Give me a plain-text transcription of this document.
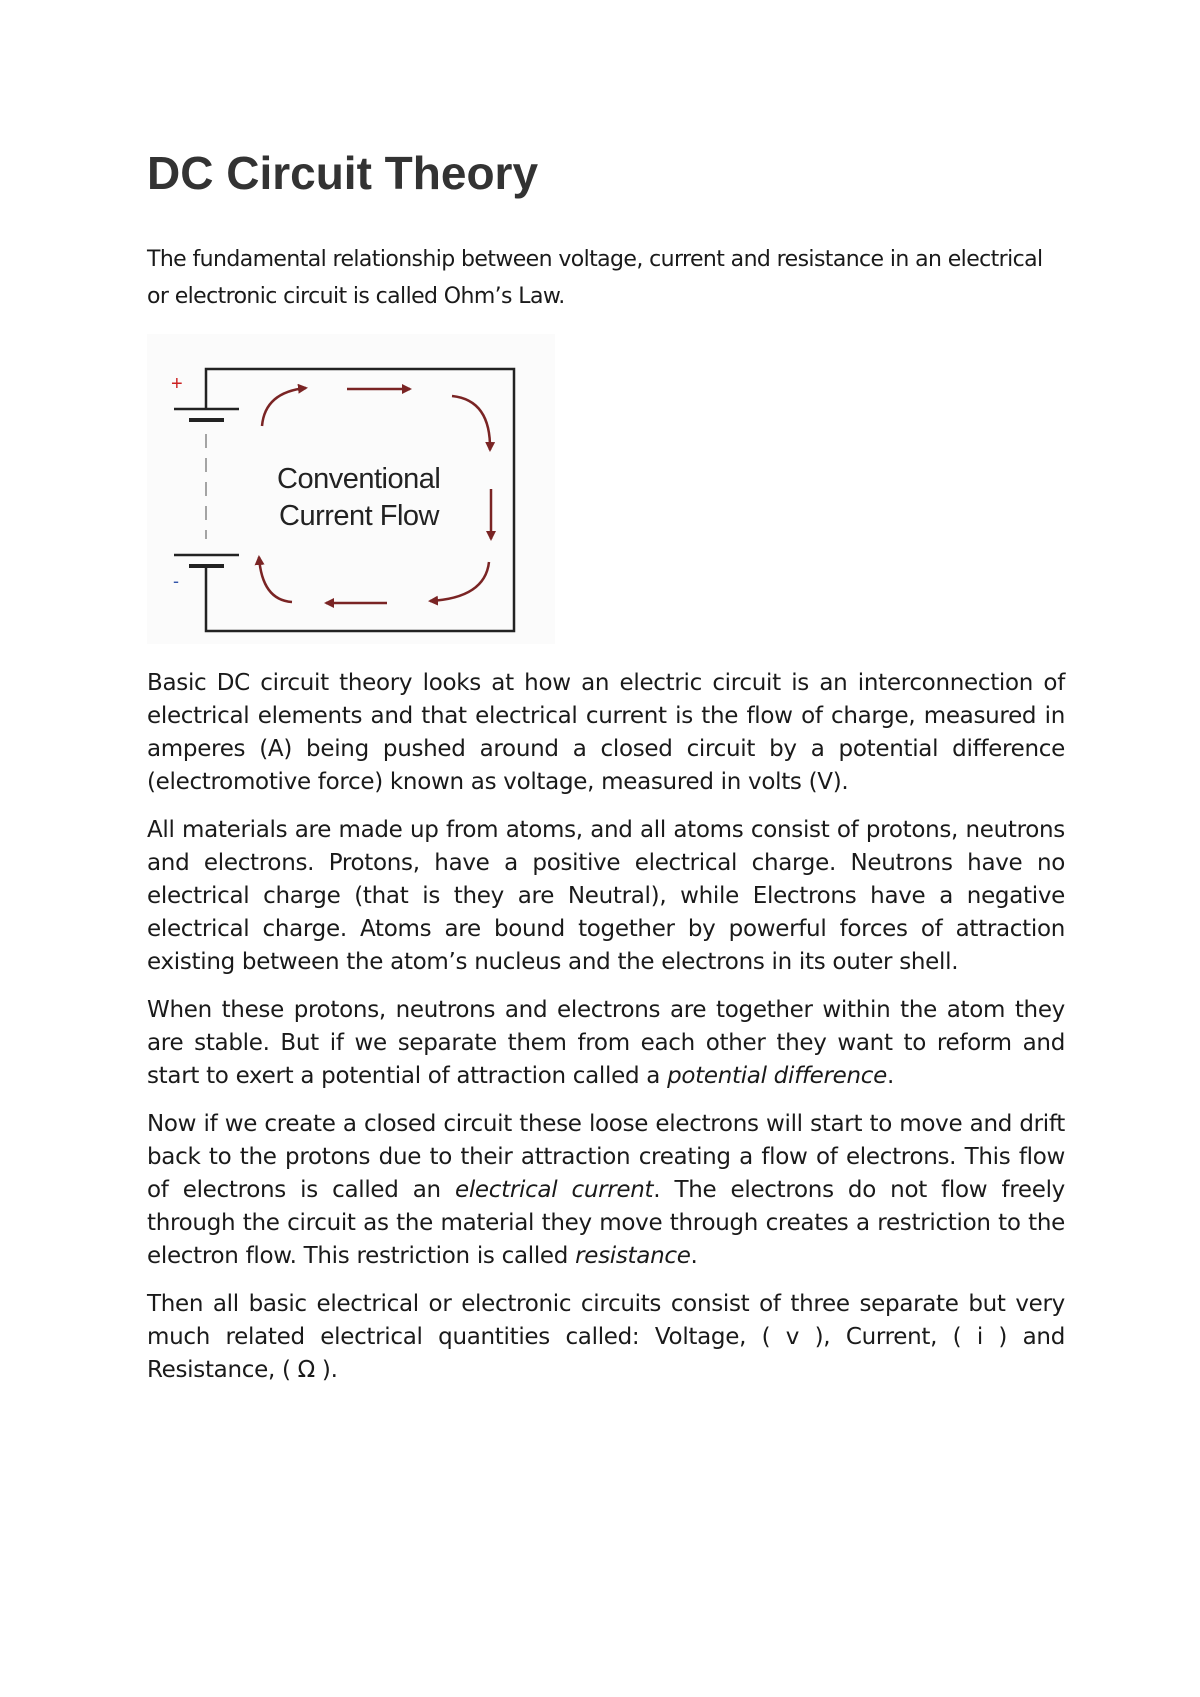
DC Circuit Theory

The fundamental relationship between voltage, current and resistance in an electrical or electronic circuit is called Ohm’s Law.

+
-
Conventional
Current Flow

Basic DC circuit theory looks at how an electric circuit is an interconnection of electrical elements and that electrical current is the flow of charge, measured in amperes (A) being pushed around a closed circuit by a potential difference (electromotive force) known as voltage, measured in volts (V).

All materials are made up from atoms, and all atoms consist of protons, neutrons and electrons. Protons, have a positive electrical charge. Neutrons have no electrical charge (that is they are Neutral), while Electrons have a negative electrical charge. Atoms are bound together by powerful forces of attraction existing between the atom’s nucleus and the electrons in its outer shell.

When these protons, neutrons and electrons are together within the atom they are stable. But if we separate them from each other they want to reform and start to exert a potential of attraction called a potential difference.

Now if we create a closed circuit these loose electrons will start to move and drift back to the protons due to their attraction creating a flow of electrons. This flow of electrons is called an electrical current. The electrons do not flow freely through the circuit as the material they move through creates a restriction to the electron flow. This restriction is called resistance.

Then all basic electrical or electronic circuits consist of three separate but very much related electrical quantities called: Voltage, ( v ), Current, ( i ) and Resistance, ( Ω ).
